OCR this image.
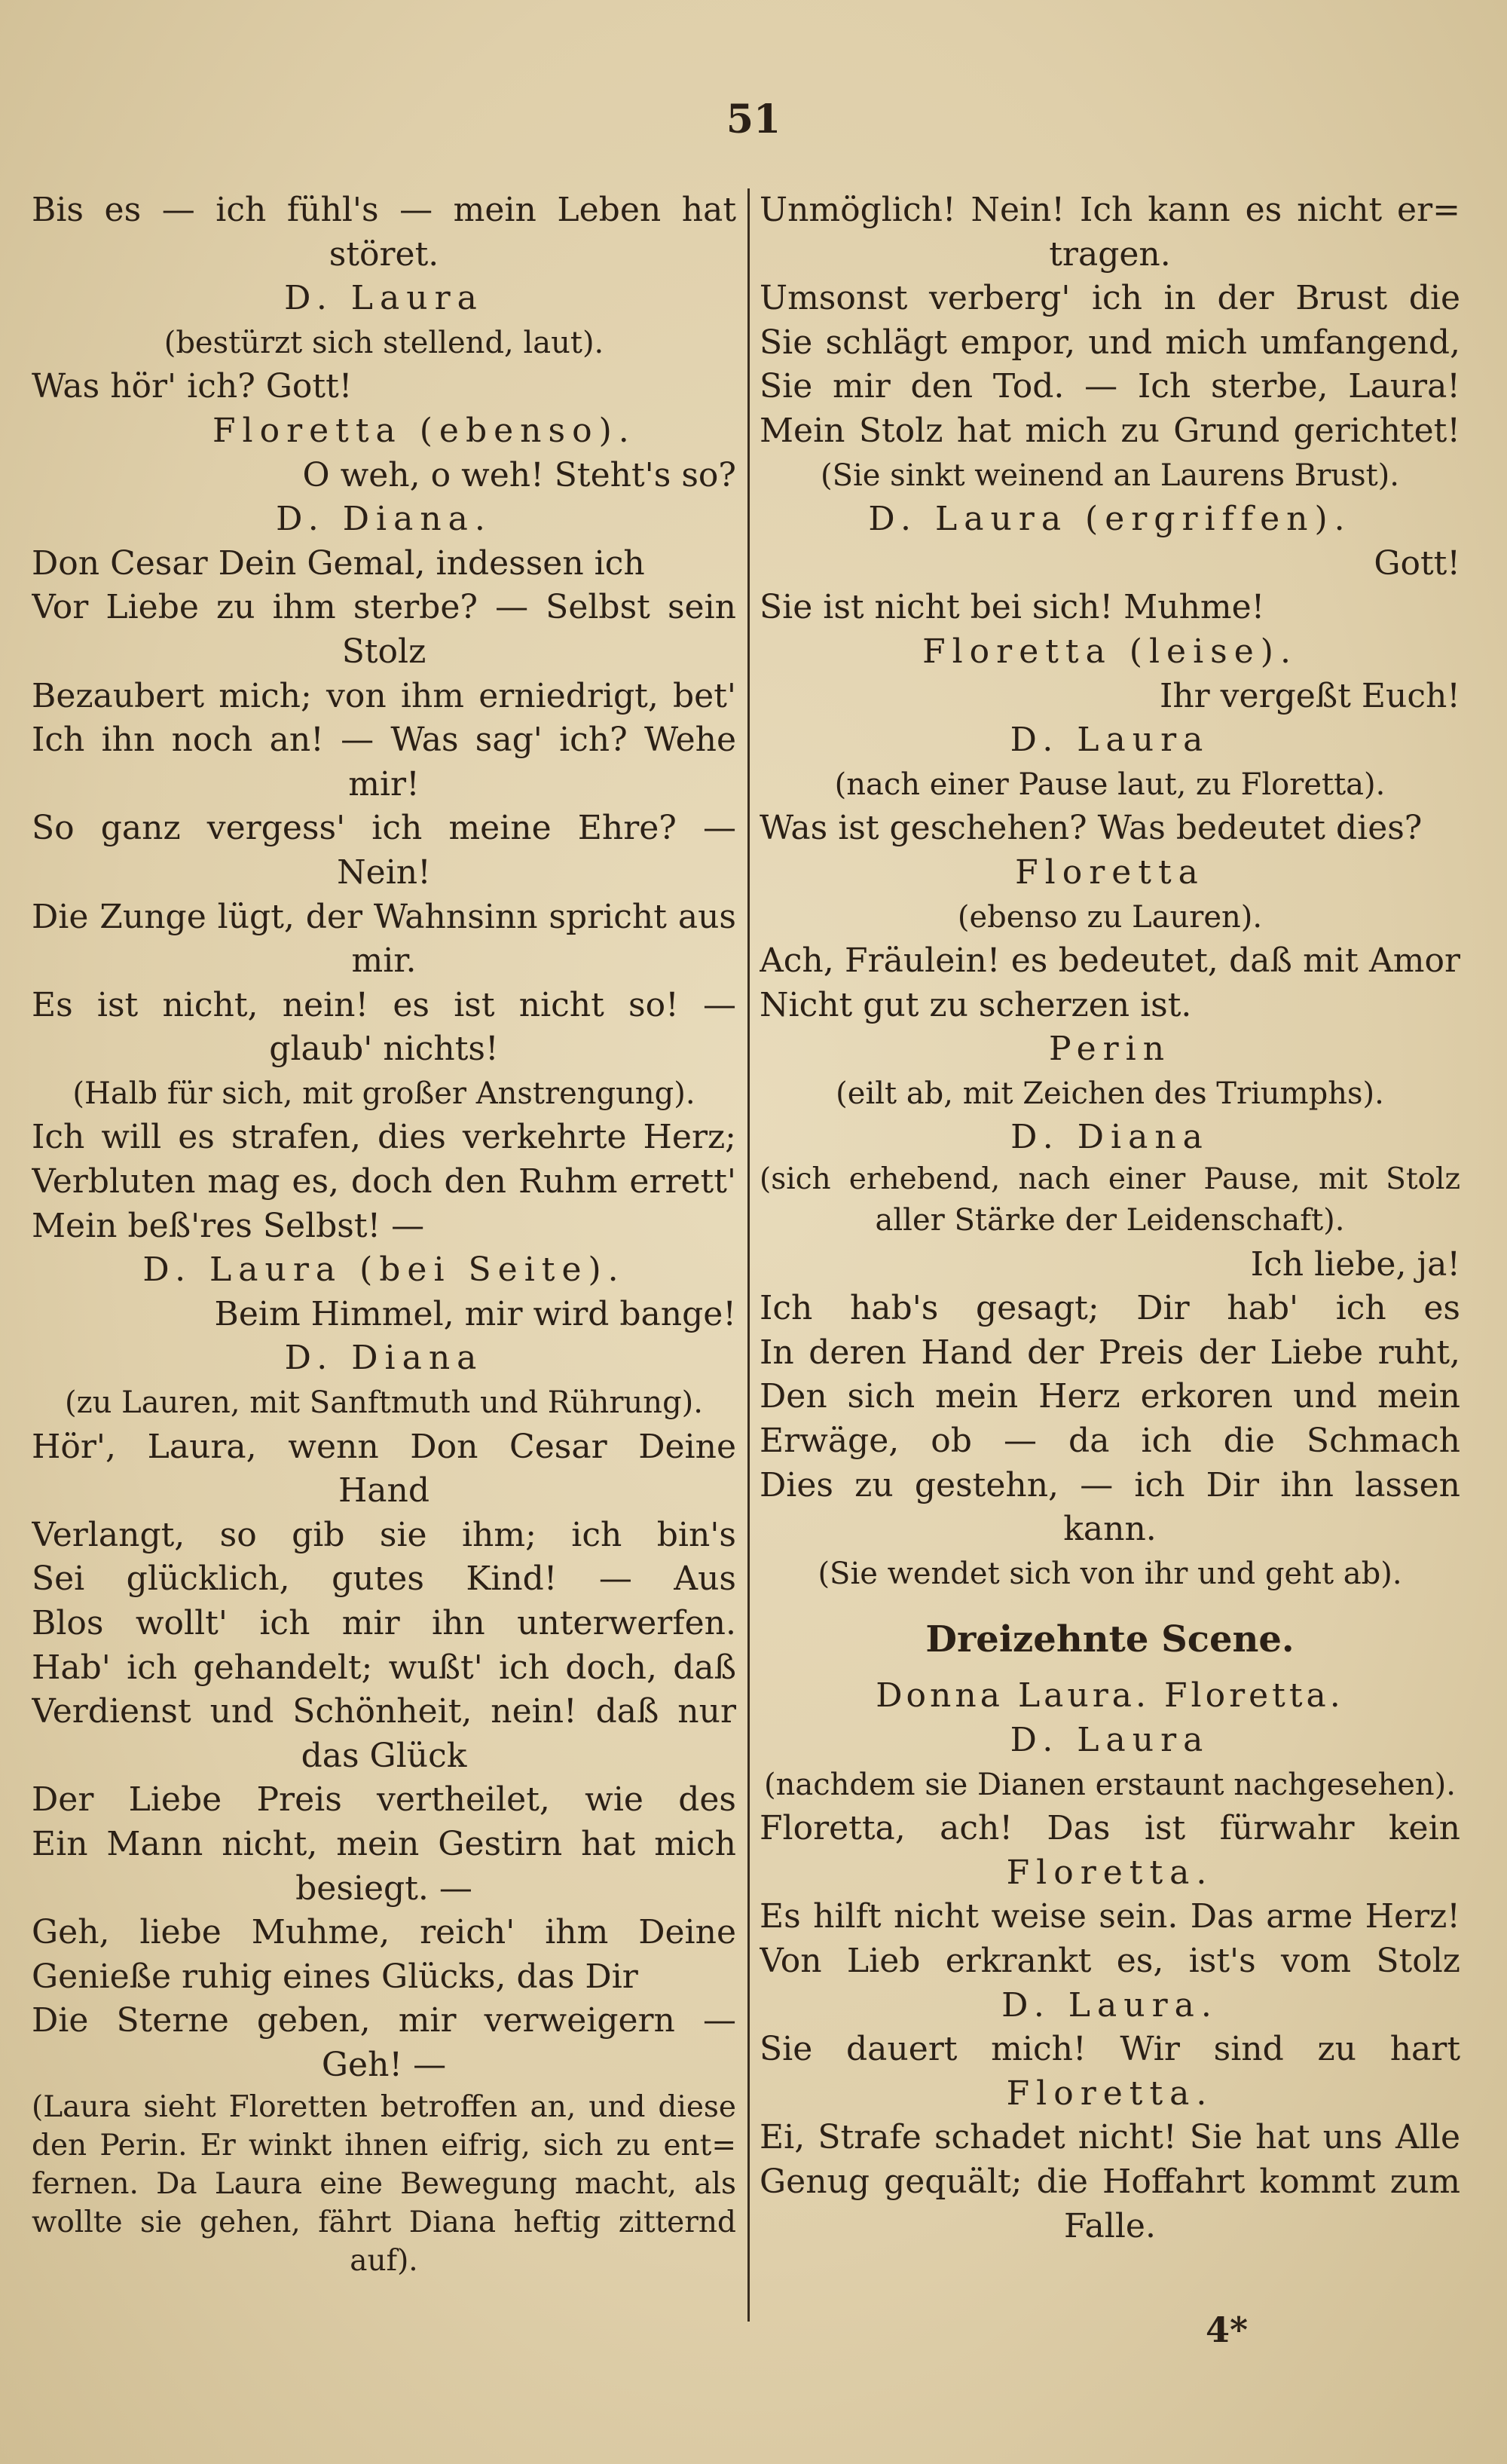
51
Bis es — ich fühl's — mein Leben hat
störet.
D. Laura
(bestürzt sich stellend, laut).
Was hör' ich? Gott!
Floretta (ebenso).
O weh, o weh! Steht's so?
D. Diana.
Don Cesar Dein Gemal, indessen ich
Vor Liebe zu ihm sterbe? — Selbst sein
Stolz
Bezaubert mich; von ihm erniedrigt, bet'
Ich ihn noch an! — Was sag' ich? Wehe
mir!
So ganz vergess' ich meine Ehre? —
Nein!
Die Zunge lügt, der Wahnsinn spricht aus
mir.
Es ist nicht, nein! es ist nicht so! —
glaub' nichts!
(Halb für sich, mit großer Anstrengung).
Ich will es strafen, dies verkehrte Herz;
Verbluten mag es, doch den Ruhm errett'
Mein beß'res Selbst! —
D. Laura (bei Seite).
Beim Himmel, mir wird bange!
D. Diana
(zu Lauren, mit Sanftmuth und Rührung).
Hör', Laura, wenn Don Cesar Deine
Hand
Verlangt, so gib sie ihm; ich bin's
Sei glücklich, gutes Kind! — Aus
Blos wollt' ich mir ihn unterwerfen.
Hab' ich gehandelt; wußt' ich doch, daß
Verdienst und Schönheit, nein! daß nur
das Glück
Der Liebe Preis vertheilet, wie des
Ein Mann nicht, mein Gestirn hat mich
besiegt. —
Geh, liebe Muhme, reich' ihm Deine
Genieße ruhig eines Glücks, das Dir
Die Sterne geben, mir verweigern —
Geh! —
(Laura sieht Floretten betroffen an, und diese
den Perin. Er winkt ihnen eifrig, sich zu ent=
fernen. Da Laura eine Bewegung macht, als
wollte sie gehen, fährt Diana heftig zitternd
auf).
Unmöglich! Nein! Ich kann es nicht er=
tragen.
Umsonst verberg' ich in der Brust die
Sie schlägt empor, und mich umfangend,
Sie mir den Tod. — Ich sterbe, Laura!
Mein Stolz hat mich zu Grund gerichtet!
(Sie sinkt weinend an Laurens Brust).
D. Laura (ergriffen).
Gott!
Sie ist nicht bei sich! Muhme!
Floretta (leise).
Ihr vergeßt Euch!
D. Laura
(nach einer Pause laut, zu Floretta).
Was ist geschehen? Was bedeutet dies?
Floretta
(ebenso zu Lauren).
Ach, Fräulein! es bedeutet, daß mit Amor
Nicht gut zu scherzen ist.
Perin
(eilt ab, mit Zeichen des Triumphs).
D. Diana
(sich erhebend, nach einer Pause, mit Stolz
aller Stärke der Leidenschaft).
Ich liebe, ja!
Ich hab's gesagt; Dir hab' ich es
In deren Hand der Preis der Liebe ruht,
Den sich mein Herz erkoren und mein
Erwäge, ob — da ich die Schmach
Dies zu gestehn, — ich Dir ihn lassen
kann.
(Sie wendet sich von ihr und geht ab).
Dreizehnte Scene.
Donna Laura. Floretta.
D. Laura
(nachdem sie Dianen erstaunt nachgesehen).
Floretta, ach! Das ist fürwahr kein
Floretta.
Es hilft nicht weise sein. Das arme Herz!
Von Lieb erkrankt es, ist's vom Stolz
D. Laura.
Sie dauert mich! Wir sind zu hart
Floretta.
Ei, Strafe schadet nicht! Sie hat uns Alle
Genug gequält; die Hoffahrt kommt zum
Falle.
4*
